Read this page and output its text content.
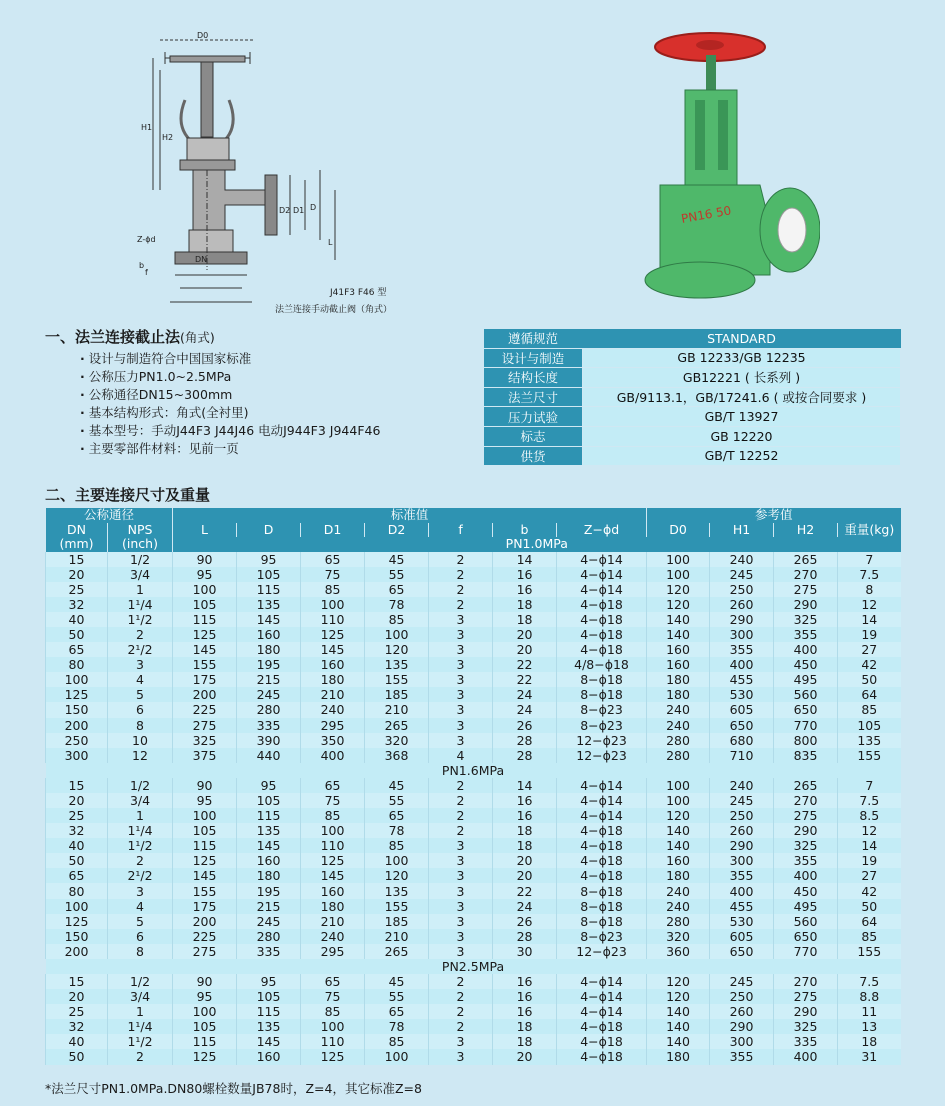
D0
H1
H2
D
D1
D2
L
Z-ϕd
DN
b
f
J41F3 F46 型
法兰连接手动截止阀（角式）
PN16 50
一、法兰连接截止法(角式)
· 设计与制造符合中国国家标准
· 公称压力PN1.0~2.5MPa
· 公称通径DN15~300mm
· 基本结构形式：角式(全衬里)
· 基本型号：手动J44F3 J44J46 电动J944F3 J944F46
· 主要零部件材料：见前一页
遵循规范	STANDARD
设计与制造	GB 12233/GB 12235
结构长度	GB12221 ( 长系列 )
法兰尺寸	GB/9113.1，GB/17241.6 ( 或按合同要求 )
压力试验	GB/T 13927
标志	GB 12220
供货	GB/T 12252
二、主要连接尺寸及重量
公称通径		标准值							参考值			
DN	NPS	L	D	D1	D2	f	b	Z−ϕd	D0	H1	H2	重量(kg)
(mm)	(inch)	PN1.0MPa										
15	1/2	90	95	65	45	2	14	4−ϕ14	100	240	265	7
20	3/4	95	105	75	55	2	16	4−ϕ14	100	245	270	7.5
25	1	100	115	85	65	2	16	4−ϕ14	120	250	275	8
32	1¹/4	105	135	100	78	2	18	4−ϕ18	120	260	290	12
40	1¹/2	115	145	110	85	3	18	4−ϕ18	140	290	325	14
50	2	125	160	125	100	3	20	4−ϕ18	140	300	355	19
65	2¹/2	145	180	145	120	3	20	4−ϕ18	160	355	400	27
80	3	155	195	160	135	3	22	4/8−ϕ18	160	400	450	42
100	4	175	215	180	155	3	22	8−ϕ18	180	455	495	50
125	5	200	245	210	185	3	24	8−ϕ18	180	530	560	64
150	6	225	280	240	210	3	24	8−ϕ23	240	605	650	85
200	8	275	335	295	265	3	26	8−ϕ23	240	650	770	105
250	10	325	390	350	320	3	28	12−ϕ23	280	680	800	135
300	12	375	440	400	368	4	28	12−ϕ23	280	710	835	155
PN1.6MPa												
15	1/2	90	95	65	45	2	14	4−ϕ14	100	240	265	7
20	3/4	95	105	75	55	2	16	4−ϕ14	100	245	270	7.5
25	1	100	115	85	65	2	16	4−ϕ14	120	250	275	8.5
32	1¹/4	105	135	100	78	2	18	4−ϕ18	140	260	290	12
40	1¹/2	115	145	110	85	3	18	4−ϕ18	140	290	325	14
50	2	125	160	125	100	3	20	4−ϕ18	160	300	355	19
65	2¹/2	145	180	145	120	3	20	4−ϕ18	180	355	400	27
80	3	155	195	160	135	3	22	8−ϕ18	240	400	450	42
100	4	175	215	180	155	3	24	8−ϕ18	240	455	495	50
125	5	200	245	210	185	3	26	8−ϕ18	280	530	560	64
150	6	225	280	240	210	3	28	8−ϕ23	320	605	650	85
200	8	275	335	295	265	3	30	12−ϕ23	360	650	770	155
PN2.5MPa												
15	1/2	90	95	65	45	2	16	4−ϕ14	120	245	270	7.5
20	3/4	95	105	75	55	2	16	4−ϕ14	120	250	275	8.8
25	1	100	115	85	65	2	16	4−ϕ14	140	260	290	11
32	1¹/4	105	135	100	78	2	18	4−ϕ18	140	290	325	13
40	1¹/2	115	145	110	85	3	18	4−ϕ18	140	300	335	18
50	2	125	160	125	100	3	20	4−ϕ18	180	355	400	31
*法兰尺寸PN1.0MPa.DN80螺栓数量JB78时，Z=4，其它标准Z=8
